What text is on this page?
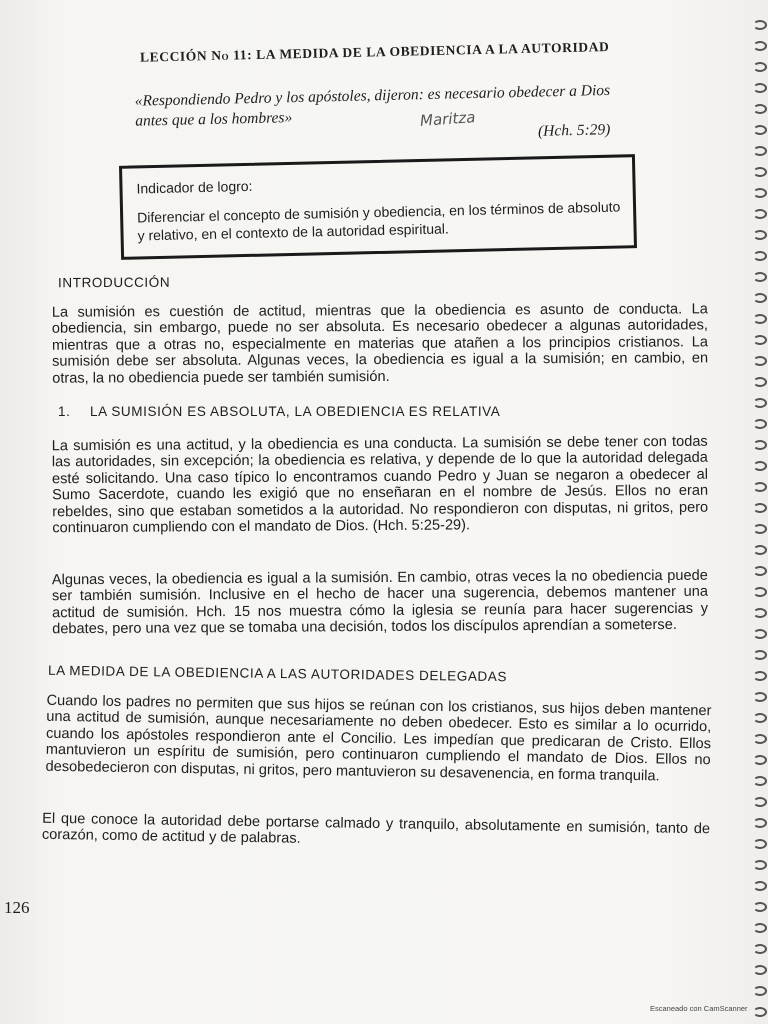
LECCIÓN No 11: LA MEDIDA DE LA OBEDIENCIA A LA AUTORIDAD
«Respondiendo Pedro y los apóstoles, dijeron: es necesario obedecer a Dios antes que a los hombres»	Maritza
(Hch. 5:29)
Indicador de logro:
Diferenciar el concepto de sumisión y obediencia, en los términos de absoluto y relativo, en el contexto de la autoridad espiritual.
INTRODUCCIÓN
La sumisión es cuestión de actitud, mientras que la obediencia es asunto de conducta. La obediencia, sin embargo, puede no ser absoluta. Es necesario obedecer a algunas autoridades, mientras que a otras no, especialmente en materias que atañen a los principios cristianos. La sumisión debe ser absoluta. Algunas veces, la obediencia es igual a la sumisión; en cambio, en otras, la no obediencia puede ser también sumisión.
1. LA SUMISIÓN ES ABSOLUTA, LA OBEDIENCIA ES RELATIVA
La sumisión es una actitud, y la obediencia es una conducta. La sumisión se debe tener con todas las autoridades, sin excepción; la obediencia es relativa, y depende de lo que la autoridad delegada esté solicitando. Una caso típico lo encontramos cuando Pedro y Juan se negaron a obedecer al Sumo Sacerdote, cuando les exigió que no enseñaran en el nombre de Jesús. Ellos no eran rebeldes, sino que estaban sometidos a la autoridad. No respondieron con disputas, ni gritos, pero continuaron cumpliendo con el mandato de Dios. (Hch. 5:25-29).
Algunas veces, la obediencia es igual a la sumisión. En cambio, otras veces la no obediencia puede ser también sumisión. Inclusive en el hecho de hacer una sugerencia, debemos mantener una actitud de sumisión. Hch. 15 nos muestra cómo la iglesia se reunía para hacer sugerencias y debates, pero una vez que se tomaba una decisión, todos los discípulos aprendían a someterse.
LA MEDIDA DE LA OBEDIENCIA A LAS AUTORIDADES DELEGADAS
Cuando los padres no permiten que sus hijos se reúnan con los cristianos, sus hijos deben mantener una actitud de sumisión, aunque necesariamente no deben obedecer. Esto es similar a lo ocurrido, cuando los apóstoles respondieron ante el Concilio. Les impedían que predicaran de Cristo. Ellos mantuvieron un espíritu de sumisión, pero continuaron cumpliendo el mandato de Dios. Ellos no desobedecieron con disputas, ni gritos, pero mantuvieron su desavenencia, en forma tranquila.
El que conoce la autoridad debe portarse calmado y tranquilo, absolutamente en sumisión, tanto de corazón, como de actitud y de palabras.
126
Escaneado con CamScanner
